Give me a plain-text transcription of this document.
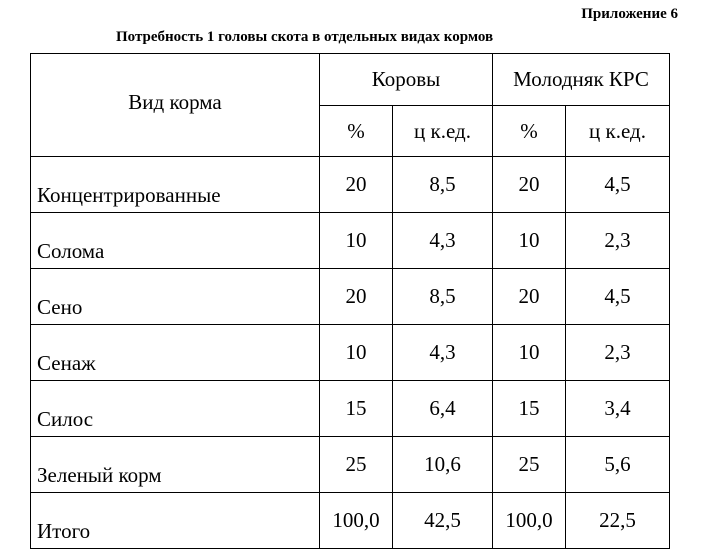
Приложение 6
Потребность 1 головы скота в отдельных видах кормов
Вид корма	Коровы		Молодняк КРС	
	%	ц к.ед.	%	ц к.ед.
Концентрированные	20	8,5	20	4,5
Солома	10	4,3	10	2,3
Сено	20	8,5	20	4,5
Сенаж	10	4,3	10	2,3
Силос	15	6,4	15	3,4
Зеленый корм	25	10,6	25	5,6
Итого	100,0	42,5	100,0	22,5
